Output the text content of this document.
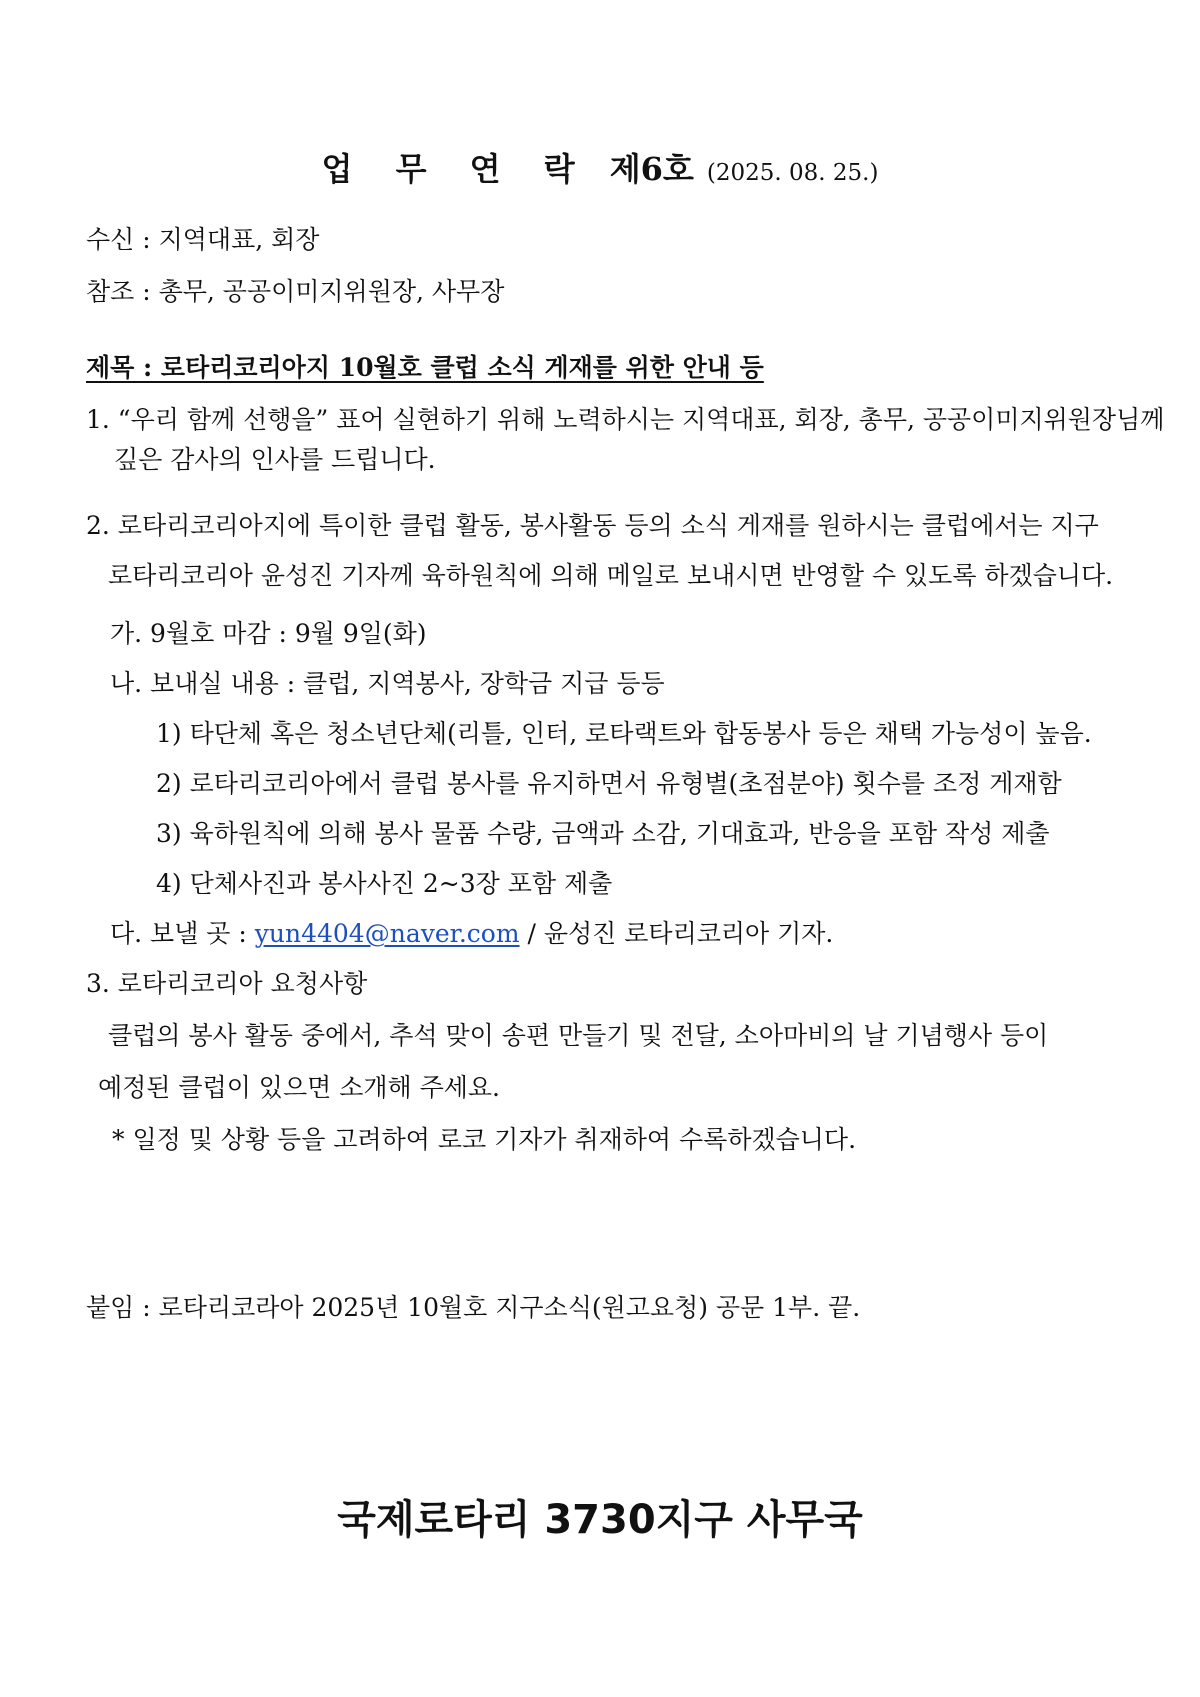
업 무 연 락 제6호 (2025. 08. 25.)
수신 : 지역대표, 회장
참조 : 총무, 공공이미지위원장, 사무장
제목 : 로타리코리아지 10월호 클럽 소식 게재를 위한 안내 등
1. “우리 함께 선행을” 표어 실현하기 위해 노력하시는 지역대표, 회장, 총무, 공공이미지위원장님께
깊은 감사의 인사를 드립니다.
2. 로타리코리아지에 특이한 클럽 활동, 봉사활동 등의 소식 게재를 원하시는 클럽에서는 지구
로타리코리아 윤성진 기자께 육하원칙에 의해 메일로 보내시면 반영할 수 있도록 하겠습니다.
가. 9월호 마감 : 9월 9일(화)
나. 보내실 내용 : 클럽, 지역봉사, 장학금 지급 등등
1) 타단체 혹은 청소년단체(리틀, 인터, 로타랙트와 합동봉사 등은 채택 가능성이 높음.
2) 로타리코리아에서 클럽 봉사를 유지하면서 유형별(초점분야) 횟수를 조정 게재함
3) 육하원칙에 의해 봉사 물품 수량, 금액과 소감, 기대효과, 반응을 포함 작성 제출
4) 단체사진과 봉사사진 2~3장 포함 제출
다. 보낼 곳 : yun4404@naver.com / 윤성진 로타리코리아 기자.
3. 로타리코리아 요청사항
클럽의 봉사 활동 중에서, 추석 맞이 송편 만들기 및 전달, 소아마비의 날 기념행사 등이
예정된 클럽이 있으면 소개해 주세요.
* 일정 및 상황 등을 고려하여 로코 기자가 취재하여 수록하겠습니다.
붙임 : 로타리코라아 2025년 10월호 지구소식(원고요청) 공문 1부. 끝.
국제로타리 3730지구 사무국
